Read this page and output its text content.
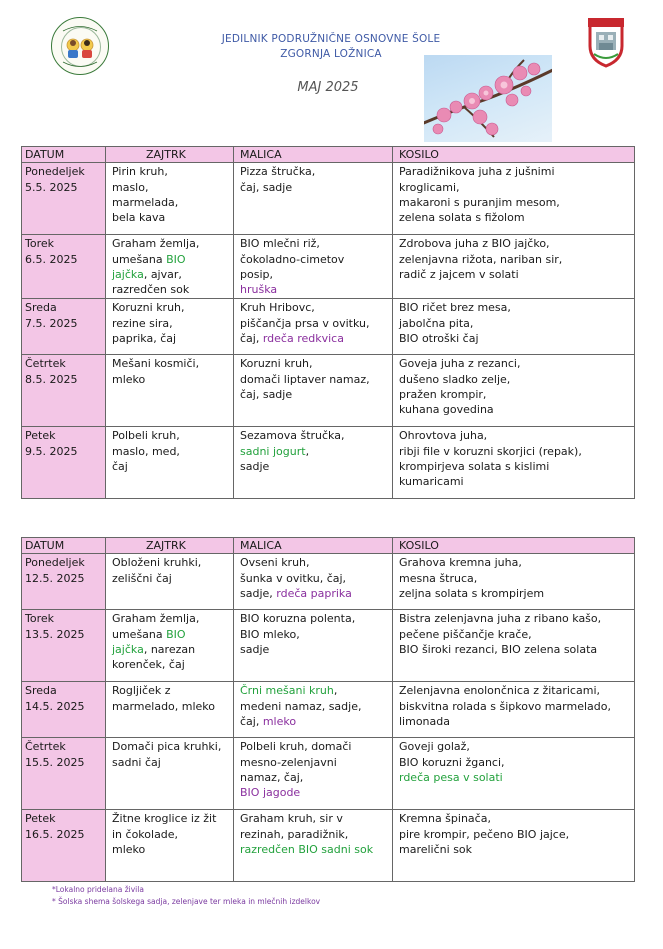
JEDILNIK PODRUŽNIČNE OSNOVNE ŠOLE
ZGORNJA LOŽNICA
MAJ 2025
DATUM	ZAJTRK	MALICA	KOSILO

Ponedeljek
5.5. 2025	Pirin kruh,
maslo,
marmelada,
bela kava	Pizza štručka,
čaj, sadje	Paradižnikova juha z jušnimi
kroglicami,
makaroni s puranjim mesom,
zelena solata s fižolom

Torek
6.5. 2025	Graham žemlja,
umešana BIO
jajčka, ajvar,
razredčen sok	BIO mlečni riž,
čokoladno-cimetov
posip,
hruška	Zdrobova juha z BIO jajčko,
zelenjavna rižota, nariban sir,
radič z jajcem v solati

Sreda
7.5. 2025	Koruzni kruh,
rezine sira,
paprika, čaj	Kruh Hribovc,
piščančja prsa v ovitku,
čaj, rdeča redkvica	BIO ričet brez mesa,
jabolčna pita,
BIO otroški čaj

Četrtek
8.5. 2025	Mešani kosmiči,
mleko	Koruzni kruh,
domači liptaver namaz,
čaj, sadje	Goveja juha z rezanci,
dušeno sladko zelje,
pražen krompir,
kuhana govedina

Petek
9.5. 2025	Polbeli kruh,
maslo, med,
čaj	Sezamova štručka,
sadni jogurt,
sadje	Ohrovtova juha,
ribji file v koruzni skorjici (repak),
krompirjeva solata s kislimi
kumaricami
DATUM	ZAJTRK	MALICA	KOSILO

Ponedeljek
12.5. 2025	Obloženi kruhki,
zeliščni čaj	Ovseni kruh,
šunka v ovitku, čaj,
sadje, rdeča paprika	Grahova kremna juha,
mesna štruca,
zeljna solata s krompirjem

Torek
13.5. 2025	Graham žemlja,
umešana BIO
jajčka, narezan
korenček, čaj	BIO koruzna polenta,
BIO mleko,
sadje	Bistra zelenjavna juha z ribano kašo,
pečene piščančje krače,
BIO široki rezanci, BIO zelena solata

Sreda
14.5. 2025	Rogljiček z
marmelado, mleko	Črni mešani kruh,
medeni namaz, sadje,
čaj, mleko	Zelenjavna enolončnica z žitaricami,
biskvitna rolada s šipkovo marmelado,
limonada

Četrtek
15.5. 2025	Domači pica kruhki,
sadni čaj	Polbeli kruh, domači
mesno-zelenjavni
namaz, čaj,
BIO jagode	Goveji golaž,
BIO koruzni žganci,
rdeča pesa v solati

Petek
16.5. 2025	Žitne kroglice iz žit
in čokolade,
mleko	Graham kruh, sir v
rezinah, paradižnik,
razredčen BIO sadni sok	Kremna špinača,
pire krompir, pečeno BIO jajce,
marelični sok
*Lokalno pridelana živila
* Šolska shema šolskega sadja, zelenjave ter mleka in mlečnih izdelkov
